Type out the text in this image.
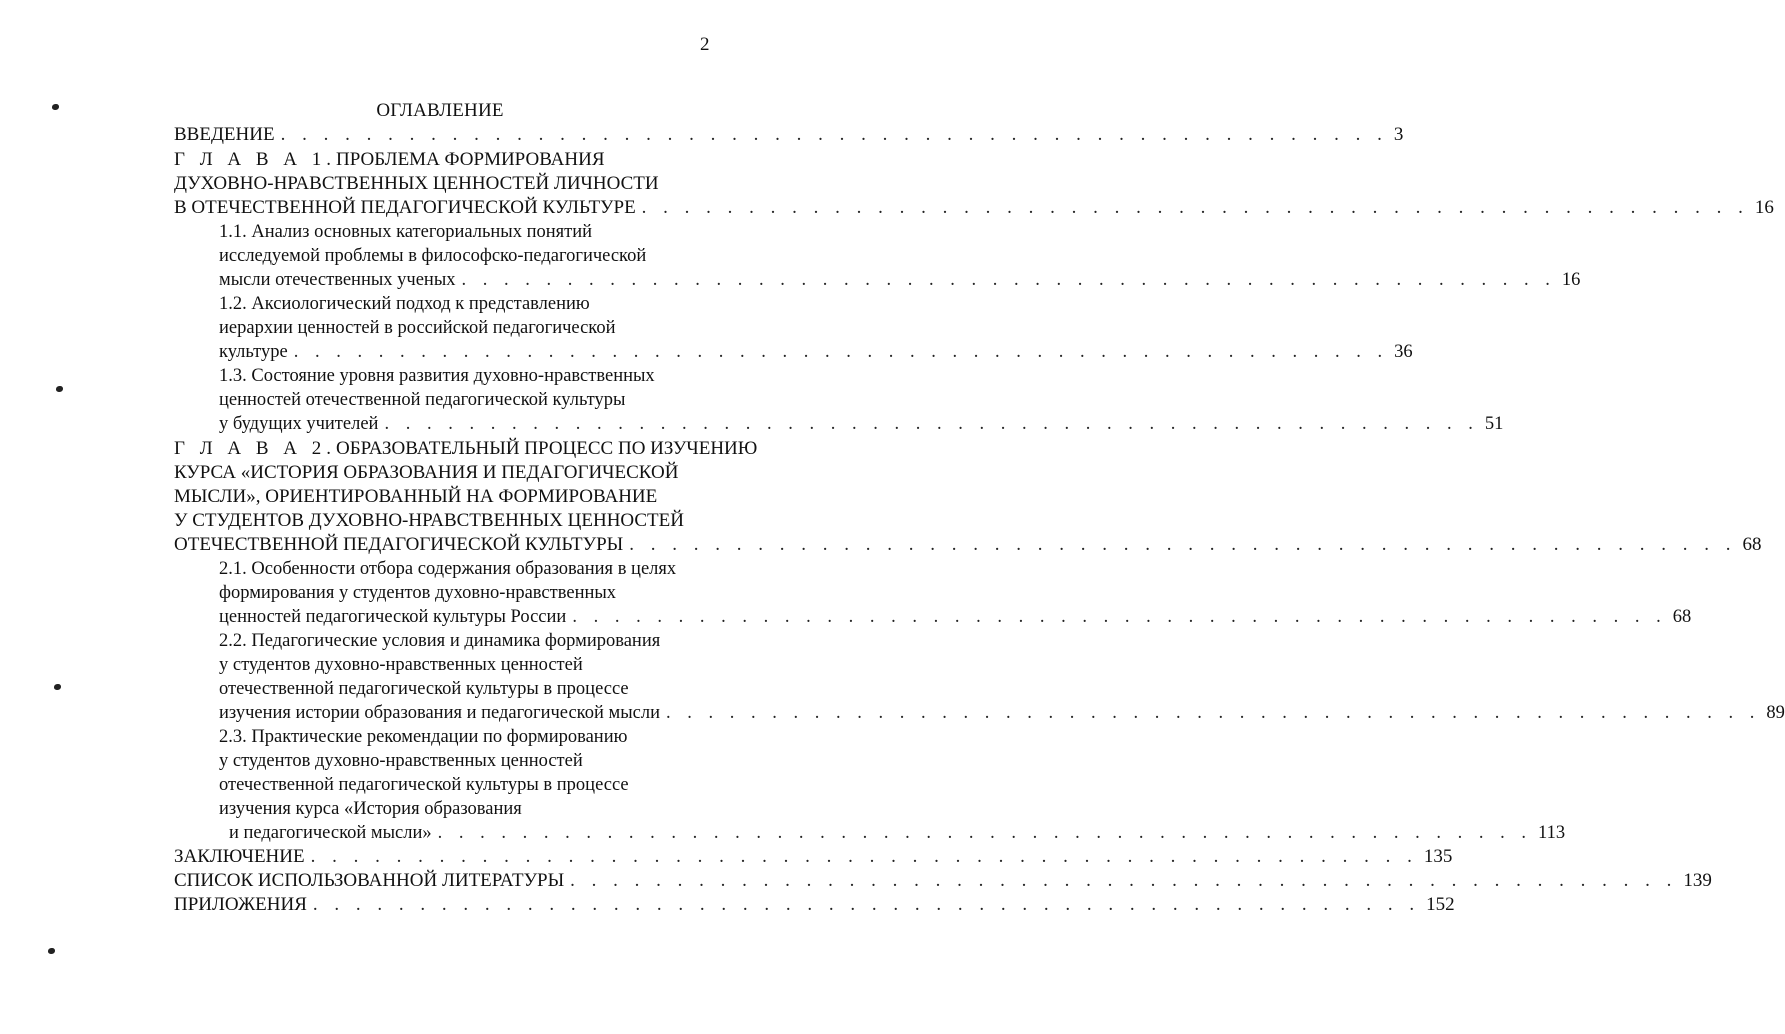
2
ОГЛАВЛЕНИЕ
ВВЕДЕНИЕ . . . . . . . . . . . . . . . . . . . . . . . . . . . . . . . . . . . . . . . . . . . . . . . . . . . . 3
Г Л А В А 1.ПРОБЛЕМА ФОРМИРОВАНИЯ
ДУХОВНО-НРАВСТВЕННЫХ ЦЕННОСТЕЙ ЛИЧНОСТИ
В ОТЕЧЕСТВЕННОЙ ПЕДАГОГИЧЕСКОЙ КУЛЬТУРЕ . . . . . . . . . . . . . . . . . . . . . . . . . . . . . . . . . . . . . . . . . . . . . . . . . . . . 16
1.1. Анализ основных категориальных понятий
исследуемой проблемы в философско-педагогической
мысли отечественных ученых . . . . . . . . . . . . . . . . . . . . . . . . . . . . . . . . . . . . . . . . . . . . . . . . . . . . 16
1.2. Аксиологический подход к представлению
иерархии ценностей в российской педагогической
культуре . . . . . . . . . . . . . . . . . . . . . . . . . . . . . . . . . . . . . . . . . . . . . . . . . . . . 36
1.3. Состояние уровня развития духовно-нравственных
ценностей отечественной педагогической культуры
у будущих учителей . . . . . . . . . . . . . . . . . . . . . . . . . . . . . . . . . . . . . . . . . . . . . . . . . . . . 51
Г Л А В А 2.ОБРАЗОВАТЕЛЬНЫЙ ПРОЦЕСС ПО ИЗУЧЕНИЮ
КУРСА «ИСТОРИЯ ОБРАЗОВАНИЯ И ПЕДАГОГИЧЕСКОЙ
МЫСЛИ», ОРИЕНТИРОВАННЫЙ НА ФОРМИРОВАНИЕ
У СТУДЕНТОВ ДУХОВНО-НРАВСТВЕННЫХ ЦЕННОСТЕЙ
ОТЕЧЕСТВЕННОЙ ПЕДАГОГИЧЕСКОЙ КУЛЬТУРЫ . . . . . . . . . . . . . . . . . . . . . . . . . . . . . . . . . . . . . . . . . . . . . . . . . . . . 68
2.1. Особенности отбора содержания образования в целях
формирования у студентов духовно-нравственных
ценностей педагогической культуры России . . . . . . . . . . . . . . . . . . . . . . . . . . . . . . . . . . . . . . . . . . . . . . . . . . . . 68
2.2. Педагогические условия и динамика формирования
у студентов духовно-нравственных ценностей
отечественной педагогической культуры в процессе
изучения истории образования и педагогической мысли . . . . . . . . . . . . . . . . . . . . . . . . . . . . . . . . . . . . . . . . . . . . . . . . . . . . 89
2.3. Практические рекомендации по формированию
у студентов духовно-нравственных ценностей
отечественной педагогической культуры в процессе
изучения курса «История образования
и педагогической мысли» . . . . . . . . . . . . . . . . . . . . . . . . . . . . . . . . . . . . . . . . . . . . . . . . . . . . 113
ЗАКЛЮЧЕНИЕ . . . . . . . . . . . . . . . . . . . . . . . . . . . . . . . . . . . . . . . . . . . . . . . . . . . . 135
СПИСОК ИСПОЛЬЗОВАННОЙ ЛИТЕРАТУРЫ . . . . . . . . . . . . . . . . . . . . . . . . . . . . . . . . . . . . . . . . . . . . . . . . . . . . 139
ПРИЛОЖЕНИЯ . . . . . . . . . . . . . . . . . . . . . . . . . . . . . . . . . . . . . . . . . . . . . . . . . . . . 152
